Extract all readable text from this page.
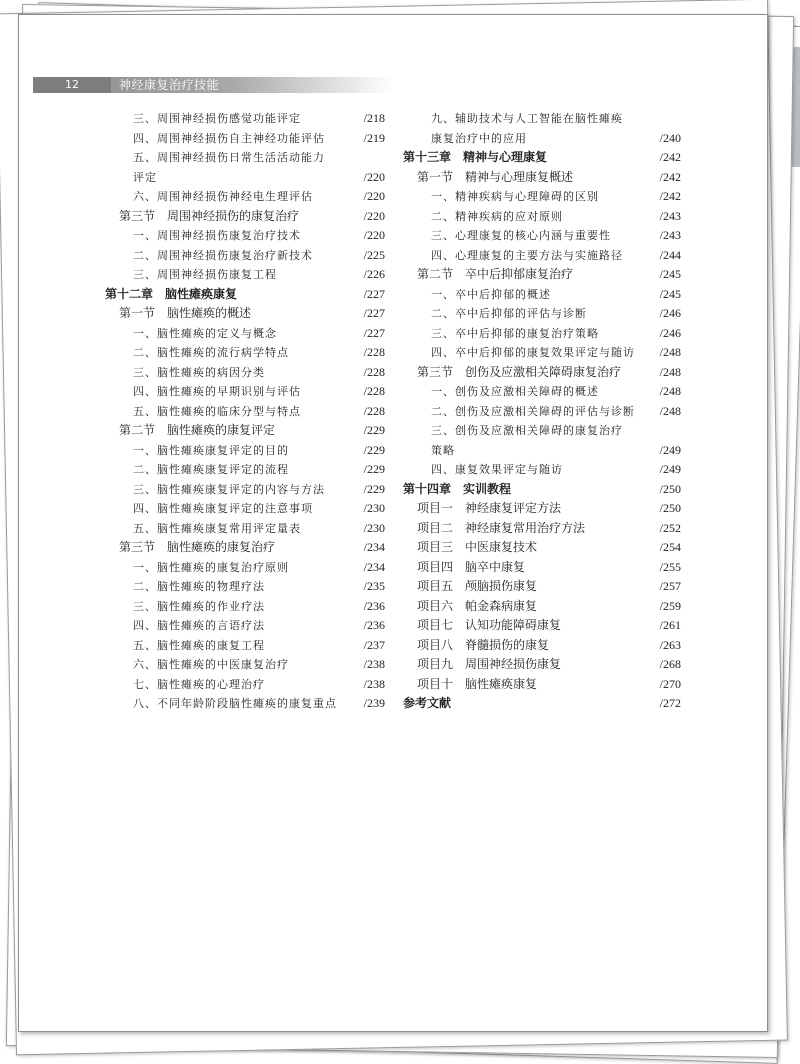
12	神经康复治疗技能
三、周围神经损伤感觉功能评定	/218
四、周围神经损伤自主神经功能评估	/219
五、周围神经损伤日常生活活动能力
评定	/220
六、周围神经损伤神经电生理评估	/220
第三节　周围神经损伤的康复治疗	/220
一、周围神经损伤康复治疗技术	/220
二、周围神经损伤康复治疗新技术	/225
三、周围神经损伤康复工程	/226
第十二章　脑性瘫痪康复	/227
第一节　脑性瘫痪的概述	/227
一、脑性瘫痪的定义与概念	/227
二、脑性瘫痪的流行病学特点	/228
三、脑性瘫痪的病因分类	/228
四、脑性瘫痪的早期识别与评估	/228
五、脑性瘫痪的临床分型与特点	/228
第二节　脑性瘫痪的康复评定	/229
一、脑性瘫痪康复评定的目的	/229
二、脑性瘫痪康复评定的流程	/229
三、脑性瘫痪康复评定的内容与方法	/229
四、脑性瘫痪康复评定的注意事项	/230
五、脑性瘫痪康复常用评定量表	/230
第三节　脑性瘫痪的康复治疗	/234
一、脑性瘫痪的康复治疗原则	/234
二、脑性瘫痪的物理疗法	/235
三、脑性瘫痪的作业疗法	/236
四、脑性瘫痪的言语疗法	/236
五、脑性瘫痪的康复工程	/237
六、脑性瘫痪的中医康复治疗	/238
七、脑性瘫痪的心理治疗	/238
八、不同年龄阶段脑性瘫痪的康复重点 /239
九、辅助技术与人工智能在脑性瘫痪
康复治疗中的应用	/240
第十三章　精神与心理康复	/242
第一节　精神与心理康复概述	/242
一、精神疾病与心理障碍的区别	/242
二、精神疾病的应对原则	/243
三、心理康复的核心内涵与重要性	/243
四、心理康复的主要方法与实施路径	/244
第二节　卒中后抑郁康复治疗	/245
一、卒中后抑郁的概述	/245
二、卒中后抑郁的评估与诊断	/246
三、卒中后抑郁的康复治疗策略	/246
四、卒中后抑郁的康复效果评定与随访 /248
第三节　创伤及应激相关障碍康复治疗	/248
一、创伤及应激相关障碍的概述	/248
二、创伤及应激相关障碍的评估与诊断 /248
三、创伤及应激相关障碍的康复治疗
策略	/249
四、康复效果评定与随访	/249
第十四章　实训教程	/250
项目一　神经康复评定方法	/250
项目二　神经康复常用治疗方法	/252
项目三　中医康复技术	/254
项目四　脑卒中康复	/255
项目五　颅脑损伤康复	/257
项目六　帕金森病康复	/259
项目七　认知功能障碍康复	/261
项目八　脊髓损伤的康复	/263
项目九　周围神经损伤康复	/268
项目十　脑性瘫痪康复	/270
参考文献	/272
